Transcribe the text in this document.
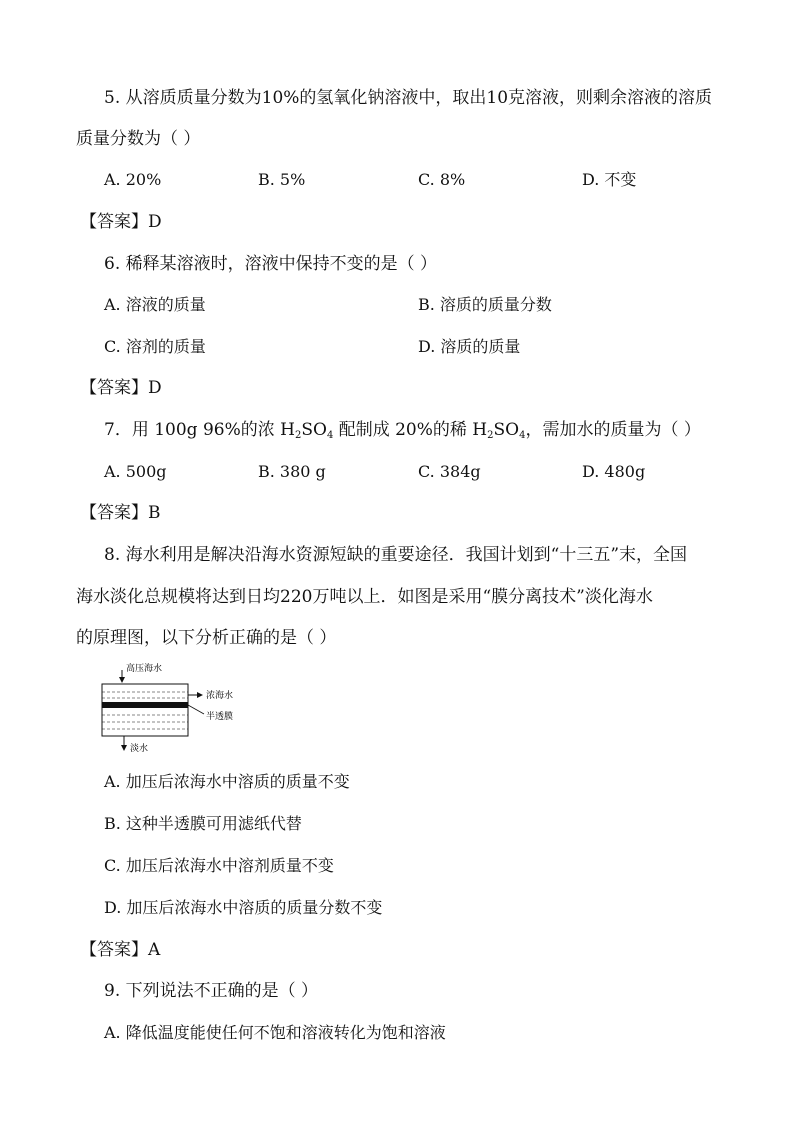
5. 从溶质质量分数为10%的氢氧化钠溶液中，取出10克溶液，则剩余溶液的溶质
质量分数为（ ）
A. 20%	B. 5%	C. 8%	D. 不变
【答案】D
6. 稀释某溶液时，溶液中保持不变的是（ ）
A. 溶液的质量	B. 溶质的质量分数
C. 溶剂的质量	D. 溶质的质量
【答案】D
7．用 100g 96%的浓 $H_2SO_4$ 配制成 20%的稀 $H_2SO_4$，需加水的质量为（ ）
A. 500g	B. 380 g	C. 384g	D. 480g
【答案】B
8. 海水利用是解决沿海水资源短缺的重要途径．我国计划到“十三五”末，全国
海水淡化总规模将达到日均220万吨以上．如图是采用“膜分离技术”淡化海水
的原理图，以下分析正确的是（ ）
高压海水
浓海水
半透膜
淡水
A. 加压后浓海水中溶质的质量不变
B. 这种半透膜可用滤纸代替
C. 加压后浓海水中溶剂质量不变
D. 加压后浓海水中溶质的质量分数不变
【答案】A
9. 下列说法不正确的是（ ）
A. 降低温度能使任何不饱和溶液转化为饱和溶液
